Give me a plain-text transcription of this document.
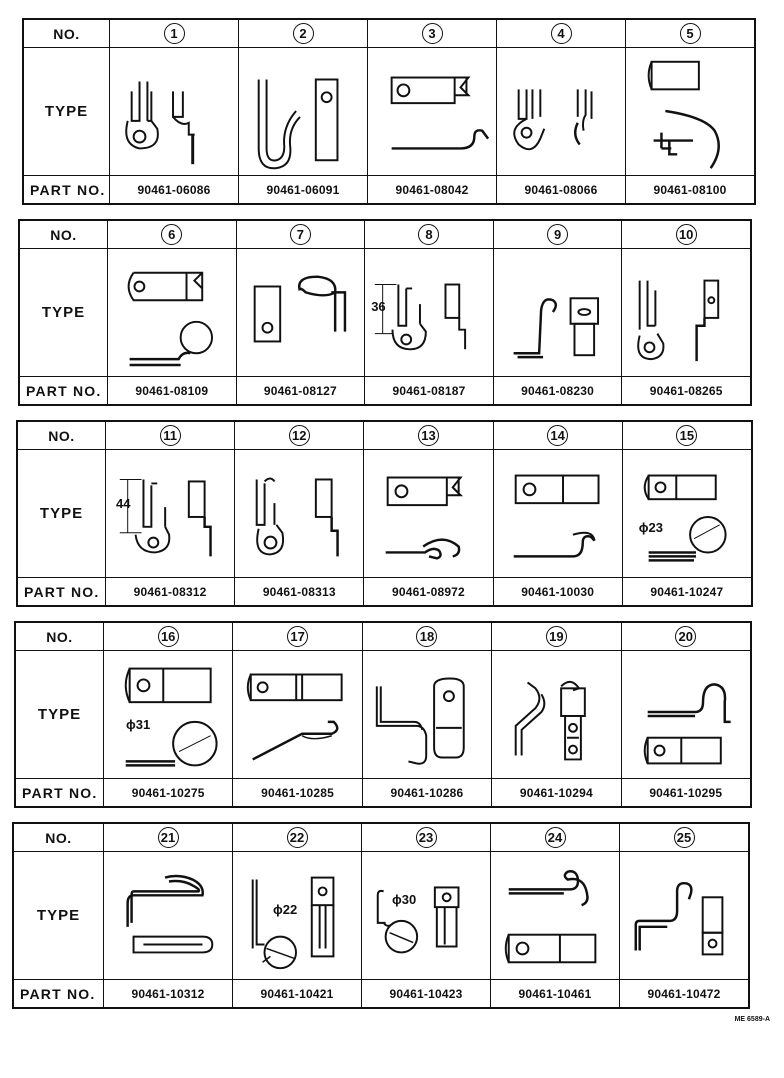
NO.	1	2	3	4	5
TYPE	

PART NO.	90461-06086	90461-06091	90461-08042	90461-08066	90461-08100
NO.	6	7	8	9	10
TYPE			36

PART NO.	90461-08109	90461-08127	90461-08187	90461-08230	90461-08265
NO.	11	12	13	14	15
TYPE	44				ϕ23

PART NO.	90461-08312	90461-08313	90461-08972	90461-10030	90461-10247
NO.	16	17	18	19	20
TYPE	ϕ31

PART NO.	90461-10275	90461-10285	90461-10286	90461-10294	90461-10295
NO.	21	22	23	24	25
TYPE		ϕ22	ϕ30

PART NO.	90461-10312	90461-10421	90461-10423	90461-10461	90461-10472
ME 6589-A
